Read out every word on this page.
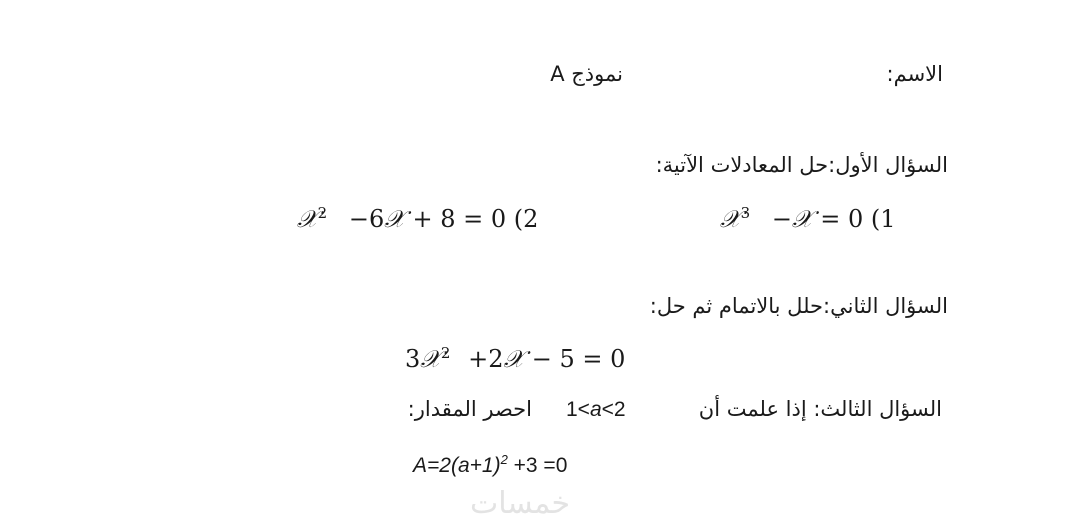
الاسم:
نموذج A
السؤال الأول:حل المعادلات الآتية:
𝒳$^3$ −𝒳 = 0 (1
𝒳$^2$ −6𝒳 + 8 = 0 (2
السؤال الثاني:حلل بالاتمام ثم حل:
3𝒳$^2$ +2𝒳 − 5 = 0
السؤال الثالث: إذا علمت أن
1<a<2
احصر المقدار:
$A=2(a+1)^2 +3 =0$
خمسات
